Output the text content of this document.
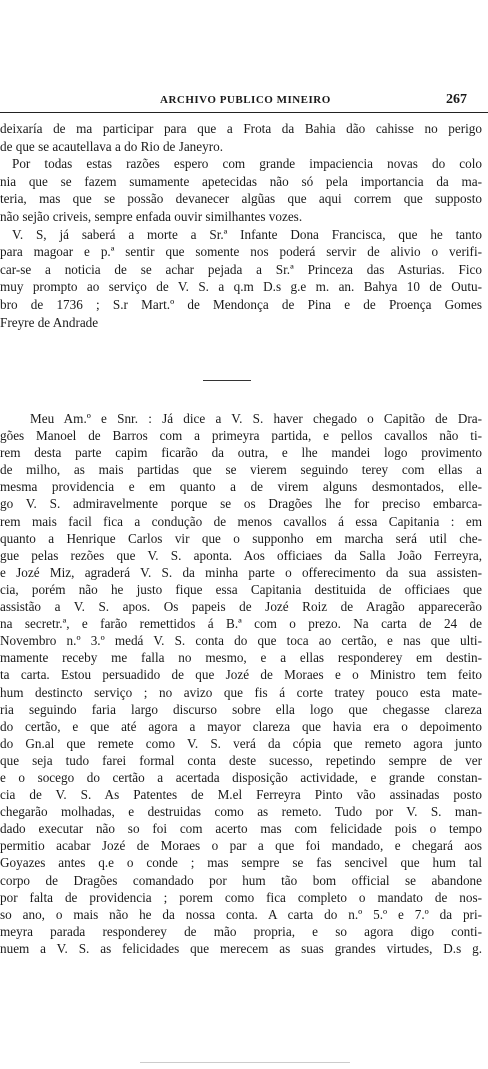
ARCHIVO PUBLICO MINEIRO	267
deixaría de ma participar para que a Frota da Bahia dão cahisse no perigo
de que se acautellava a do Rio de Janeyro.
Por todas estas razões espero com grande impaciencia novas do colo
nia que se fazem sumamente apetecidas não só pela importancia da ma-
teria, mas que se possão devanecer algũas que aqui correm que supposto
não sejão criveis, sempre enfada ouvir similhantes vozes.
V. S, já saberá a morte a Sr.ª Infante Dona Francisca, que he tanto
para magoar e p.ª sentir que somente nos poderá servir de alivio o verifi-
car-se a noticia de se achar pejada a Sr.ª Princeza das Asturias. Fico
muy prompto ao serviço de V. S. a q.m D.s g.e m. an. Bahya 10 de Outu-
bro de 1736 ; S.r Mart.º de Mendonça de Pina e de Proença Gomes
Freyre de Andrade
Meu Am.º e Snr. : Já dice a V. S. haver chegado o Capitão de Dra-
gões Manoel de Barros com a primeyra partida, e pellos cavallos não ti-
rem desta parte capim ficarão da outra, e lhe mandei logo provimento
de milho, as mais partidas que se vierem seguindo terey com ellas a
mesma providencia e em quanto a de virem alguns desmontados, elle-
go V. S. admiravelmente porque se os Dragões lhe for preciso embarca-
rem mais facil fica a condução de menos cavallos á essa Capitania : em
quanto a Henrique Carlos vir que o supponho em marcha será util che-
gue pelas rezões que V. S. aponta. Aos officiaes da Salla João Ferreyra,
e Jozé Miz, agraderá V. S. da minha parte o offerecimento da sua assisten-
cia, porém não he justo fique essa Capitania destituida de officiaes que
assistão a V. S. apos. Os papeis de Jozé Roiz de Aragão apparecerão
na secretr.ª, e farão remettidos á B.ª com o prezo. Na carta de 24 de
Novembro n.º 3.º medá V. S. conta do que toca ao certão, e nas que ulti-
mamente receby me falla no mesmo, e a ellas responderey em destin-
ta carta. Estou persuadido de que Jozé de Moraes e o Ministro tem feito
hum destincto serviço ; no avizo que fis á corte tratey pouco esta mate-
ria seguindo faria largo discurso sobre ella logo que chegasse clareza
do certão, e que até agora a mayor clareza que havia era o depoimento
do Gn.al que remete como V. S. verá da cópia que remeto agora junto
que seja tudo farei formal conta deste sucesso, repetindo sempre de ver
e o socego do certão a acertada disposição actividade, e grande constan-
cia de V. S. As Patentes de M.el Ferreyra Pinto vão assinadas posto
chegarão molhadas, e destruidas como as remeto. Tudo por V. S. man-
dado executar não so foi com acerto mas com felicidade pois o tempo
permitio acabar Jozé de Moraes o par a que foi mandado, e chegará aos
Goyazes antes q.e o conde ; mas sempre se fas sencivel que hum tal
corpo de Dragões comandado por hum tão bom official se abandone
por falta de providencia ; porem como fica completo o mandato de nos-
so ano, o mais não he da nossa conta. A carta do n.º 5.º e 7.º da pri-
meyra parada responderey de mão propria, e so agora digo conti-
nuem a V. S. as felicidades que merecem as suas grandes virtudes, D.s g.
